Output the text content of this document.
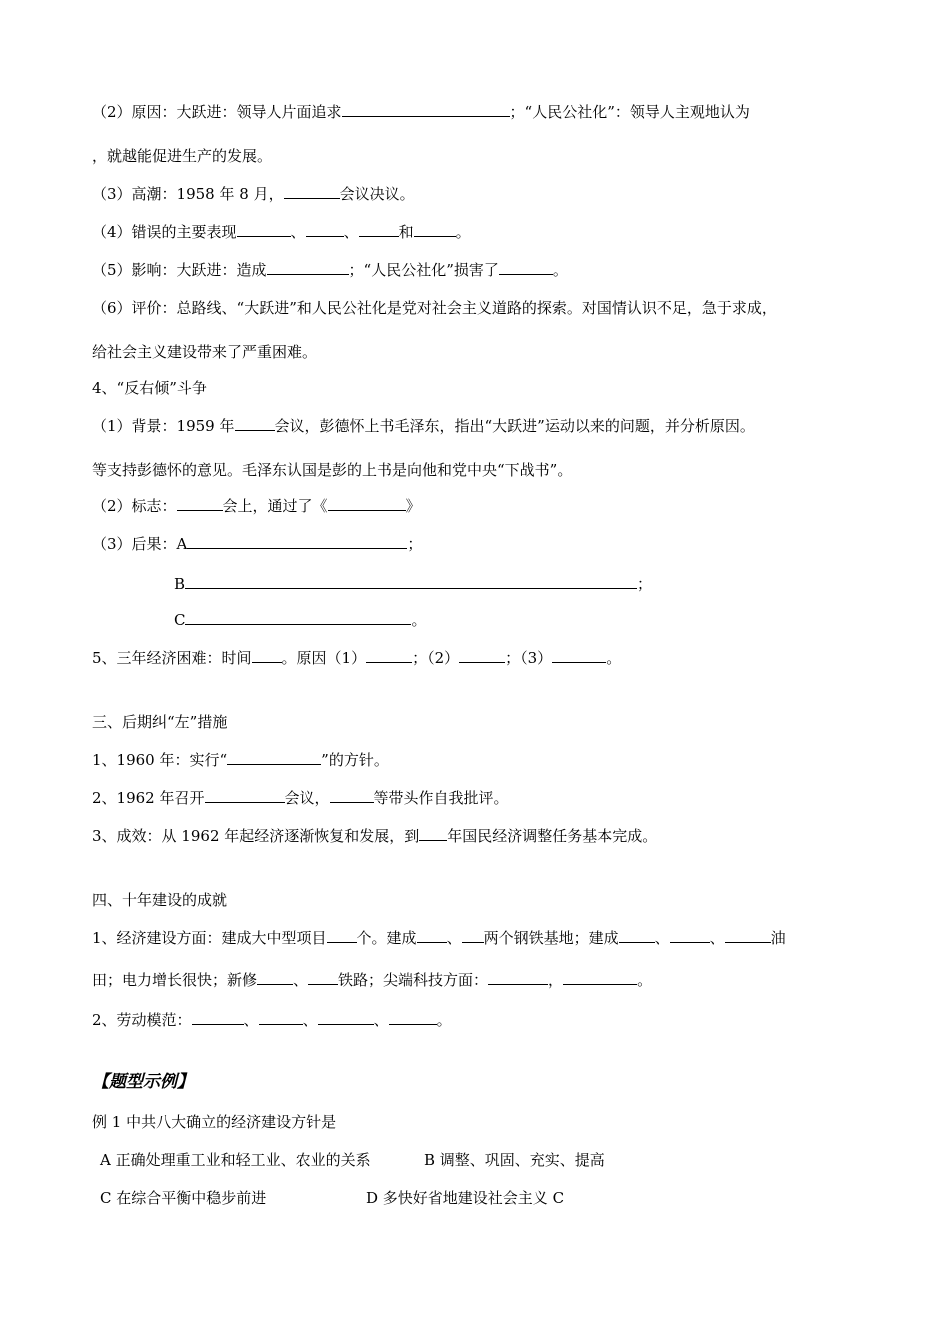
（2）原因：大跃进：领导人片面追求	；“人民公社化”：领导人主观地认为
，就越能促进生产的发展。
（3）高潮：1958 年 8 月，	会议决议。
（4）错误的主要表现	、	、	和	。
（5）影响：大跃进：造成	；“人民公社化”损害了	。
（6）评价：总路线、“大跃进”和人民公社化是党对社会主义道路的探索。对国情认识不足，急于求成，
给社会主义建设带来了严重困难。
4、“反右倾”斗争
（1）背景：1959 年	会议，彭德怀上书毛泽东，指出“大跃进”运动以来的问题，并分析原因。
等支持彭德怀的意见。毛泽东认国是彭的上书是向他和党中央“下战书”。
（2）标志：	会上，通过了《	》
（3）后果：A	；
B	；
C	。
5、三年经济困难：时间 。原因（1）	；（2）	；（3）	。
三、后期纠“左”措施
1、1960 年：实行“	”的方针。
2、1962 年召开	会议，	等带头作自我批评。
3、成效：从 1962 年起经济逐渐恢复和发展，到 年国民经济调整任务基本完成。
四、十年建设的成就
1、经济建设方面：建成大中型项目 个。建成 、 两个钢铁基地；建成 、	、	油
田；电力增长很快；新修 、 铁路；尖端科技方面：	，	。
2、劳动模范：	、	、	、	。
【题型示例】
例 1 中共八大确立的经济建设方针是
A 正确处理重工业和轻工业、农业的关系	B 调整、巩固、充实、提高
C 在综合平衡中稳步前进	D 多快好省地建设社会主义 C
